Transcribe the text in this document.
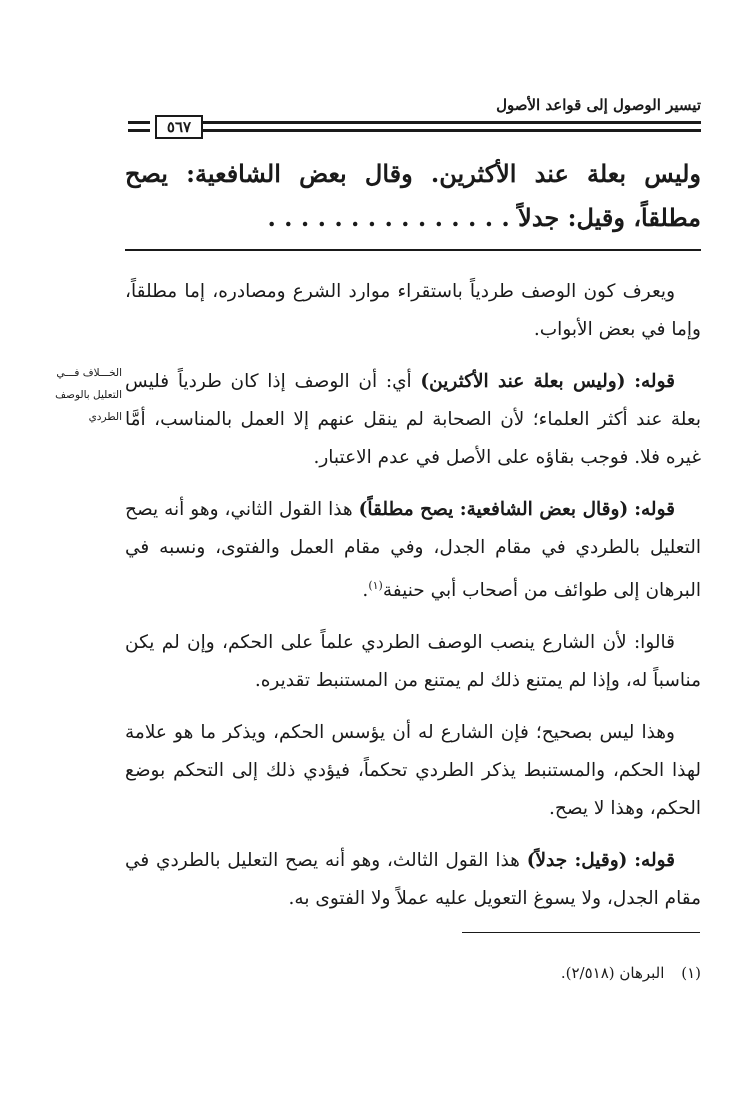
تيسير الوصول إلى قواعد الأصول
٥٦٧
وليس بعلة عند الأكثرين. وقال بعض الشافعية: يصح مطلقاً، وقيل: جدلاً . . . . . . . . . . . . . . .

ويعرف كون الوصف طردياً باستقراء موارد الشرع ومصادره، إما مطلقاً، وإما في بعض الأبواب.

قوله: (وليس بعلة عند الأكثرين) أي: أن الوصف إذا كان طردياً فليس بعلة عند أكثر العلماء؛ لأن الصحابة لم ينقل عنهم إلا العمل بالمناسب، أمَّا غيره فلا. فوجب بقاؤه على الأصل في عدم الاعتبار.

قوله: (وقال بعض الشافعية: يصح مطلقاً) هذا القول الثاني، وهو أنه يصح التعليل بالطردي في مقام الجدل، وفي مقام العمل والفتوى، ونسبه في البرهان إلى طوائف من أصحاب أبي حنيفة$^{(١)}$.

قالوا: لأن الشارع ينصب الوصف الطردي علماً على الحكم، وإن لم يكن مناسباً له، وإذا لم يمتنع ذلك لم يمتنع من المستنبط تقديره.

وهذا ليس بصحيح؛ فإن الشارع له أن يؤسس الحكم، ويذكر ما هو علامة لهذا الحكم، والمستنبط يذكر الطردي تحكماً، فيؤدي ذلك إلى التحكم بوضع الحكم، وهذا لا يصح.

قوله: (وقيل: جدلاً) هذا القول الثالث، وهو أنه يصح التعليل بالطردي في مقام الجدل، ولا يسوغ التعويل عليه عملاً ولا الفتوى به.

الخـــلاف فـــي
التعليل بالوصف
الطردي
(١) البرهان (٢/٥١٨).
